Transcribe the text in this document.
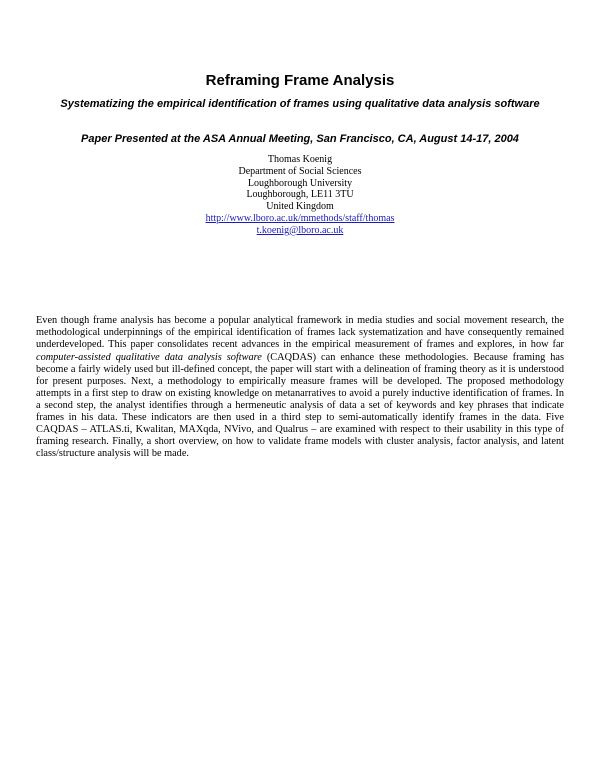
Reframing Frame Analysis
Systematizing the empirical identification of frames using qualitative data analysis software
Paper Presented at the ASA Annual Meeting, San Francisco, CA, August 14-17, 2004
Thomas Koenig
Department of Social Sciences
Loughborough University
Loughborough, LE11 3TU
United Kingdom
http://www.lboro.ac.uk/mmethods/staff/thomas
t.koenig@lboro.ac.uk

Even though frame analysis has become a popular analytical framework in media studies and social movement research, the methodological underpinnings of the empirical identification of frames lack systematization and have consequently remained underdeveloped. This paper consolidates recent advances in the empirical measurement of frames and explores, in how far computer-assisted qualitative data analysis software (CAQDAS) can enhance these methodologies. Because framing has become a fairly widely used but ill-defined concept, the paper will start with a delineation of framing theory as it is understood for present purposes. Next, a methodology to empirically measure frames will be developed. The proposed methodology attempts in a first step to draw on existing knowledge on metanarratives to avoid a purely inductive identification of frames. In a second step, the analyst identifies through a hermeneutic analysis of data a set of keywords and key phrases that indicate frames in his data. These indicators are then used in a third step to semi-automatically identify frames in the data. Five CAQDAS – ATLAS.ti, Kwalitan, MAXqda, NVivo, and Qualrus – are examined with respect to their usability in this type of framing research. Finally, a short overview, on how to validate frame models with cluster analysis, factor analysis, and latent class/structure analysis will be made.
